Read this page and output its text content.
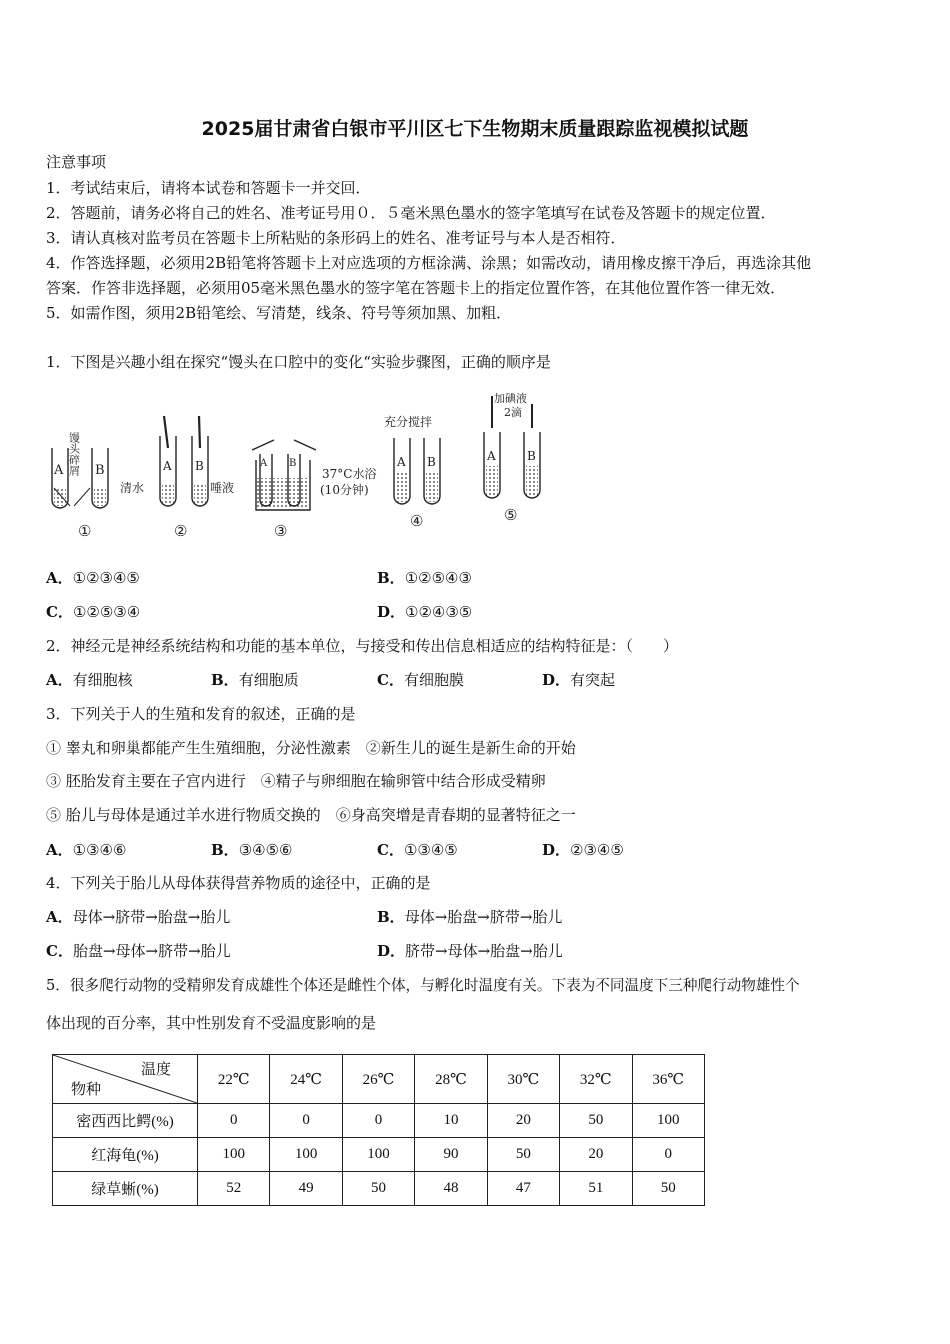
2025届甘肃省白银市平川区七下生物期末质量跟踪监视模拟试题
注意事项
1．考试结束后，请将本试卷和答题卡一并交回．
2．答题前，请务必将自己的姓名、准考证号用０．５毫米黑色墨水的签字笔填写在试卷及答题卡的规定位置．
3．请认真核对监考员在答题卡上所粘贴的条形码上的姓名、准考证号与本人是否相符．
4．作答选择题，必须用2B铅笔将答题卡上对应选项的方框涂满、涂黑；如需改动，请用橡皮擦干净后，再选涂其他
答案．作答非选择题，必须用05毫米黑色墨水的签字笔在答题卡上的指定位置作答，在其他位置作答一律无效．
5．如需作图，须用2B铅笔绘、写清楚，线条、符号等须加黑、加粗．
1．下图是兴趣小组在探究“馒头在口腔中的变化“实验步骤图，正确的顺序是
A B
馒头碎屑
①
A B
清水	唾液
②
A B
37°C水浴
(10分钟)
③
充分搅拌
A B
④
加碘液
2滴
A	B
⑤
A．①②③④⑤	B．①②⑤④③
C．①②⑤③④	D．①②④③⑤
2．神经元是神经系统结构和功能的基本单位，与接受和传出信息相适应的结构特征是：（　　）
A．有细胞核	B．有细胞质	C．有细胞膜	D．有突起
3．下列关于人的生殖和发育的叙述，正确的是
① 睾丸和卵巢都能产生生殖细胞，分泌性激素　②新生儿的诞生是新生命的开始
③ 胚胎发育主要在子宫内进行　④精子与卵细胞在输卵管中结合形成受精卵
⑤ 胎儿与母体是通过羊水进行物质交换的　⑥身高突增是青春期的显著特征之一
A．①③④⑥	B．③④⑤⑥	C．①③④⑤	D．②③④⑤
4．下列关于胎儿从母体获得营养物质的途径中，正确的是
A．母体→脐带→胎盘→胎儿	B．母体→胎盘→脐带→胎儿
C．胎盘→母体→脐带→胎儿	D．脐带→母体→胎盘→胎儿
5．很多爬行动物的受精卵发育成雄性个体还是雌性个体，与孵化时温度有关。下表为不同温度下三种爬行动物雄性个
体出现的百分率，其中性别发育不受温度影响的是
温度
物种	22℃	24℃	26℃	28℃	30℃	32℃	36℃
密西西比鳄(%)	0	0	0	10	20	50	100
红海龟(%)	100	100	100	90	50	20	0
绿草蜥(%)	52	49	50	48	47	51	50
